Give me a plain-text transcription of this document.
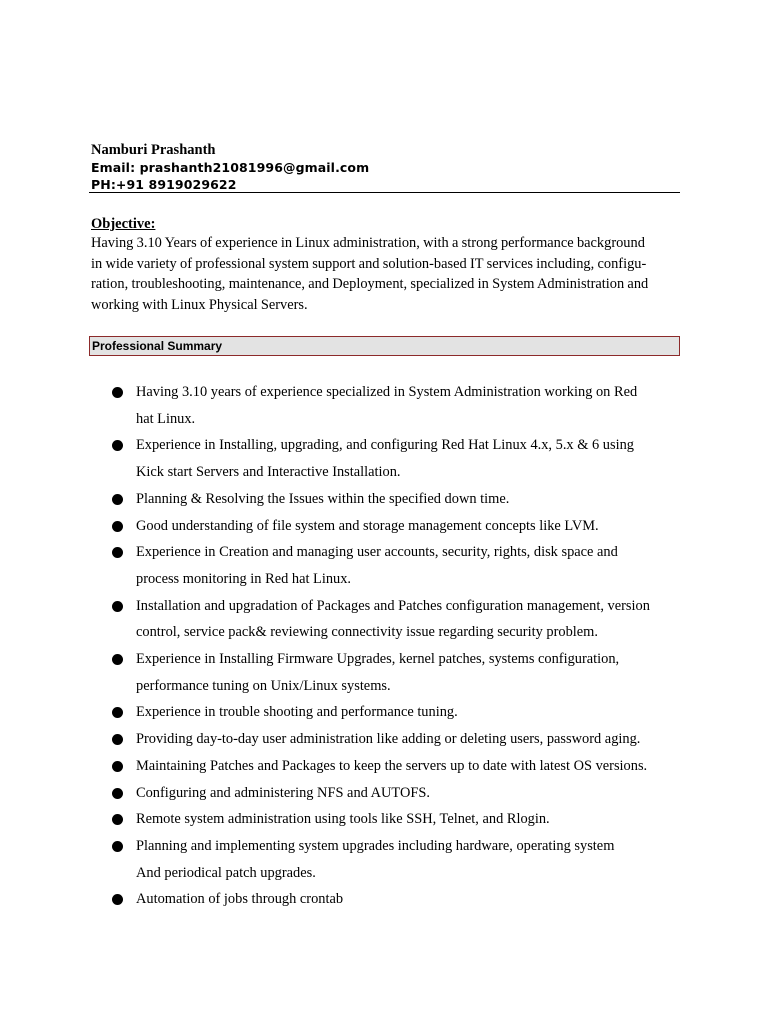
Namburi Prashanth
Email: prashanth21081996@gmail.com
PH:+91 8919029622
Objective:
Having 3.10 Years of experience in Linux administration, with a strong performance background
in wide variety of professional system support and solution-based IT services including, configu-
ration, troubleshooting, maintenance, and Deployment, specialized in System Administration and
working with Linux Physical Servers.
Professional Summary
Having 3.10 years of experience specialized in System Administration working on Red
hat Linux.
Experience in Installing, upgrading, and configuring Red Hat Linux 4.x, 5.x & 6 using
Kick start Servers and Interactive Installation.
Planning & Resolving the Issues within the specified down time.
Good understanding of file system and storage management concepts like LVM.
Experience in Creation and managing user accounts, security, rights, disk space and
process monitoring in Red hat Linux.
Installation and upgradation of Packages and Patches configuration management, version
control, service pack& reviewing connectivity issue regarding security problem.
Experience in Installing Firmware Upgrades, kernel patches, systems configuration,
performance tuning on Unix/Linux systems.
Experience in trouble shooting and performance tuning.
Providing day-to-day user administration like adding or deleting users, password aging.
Maintaining Patches and Packages to keep the servers up to date with latest OS versions.
Configuring and administering NFS and AUTOFS.
Remote system administration using tools like SSH, Telnet, and Rlogin.
Planning and implementing system upgrades including hardware, operating system
And periodical patch upgrades.
Automation of jobs through crontab
